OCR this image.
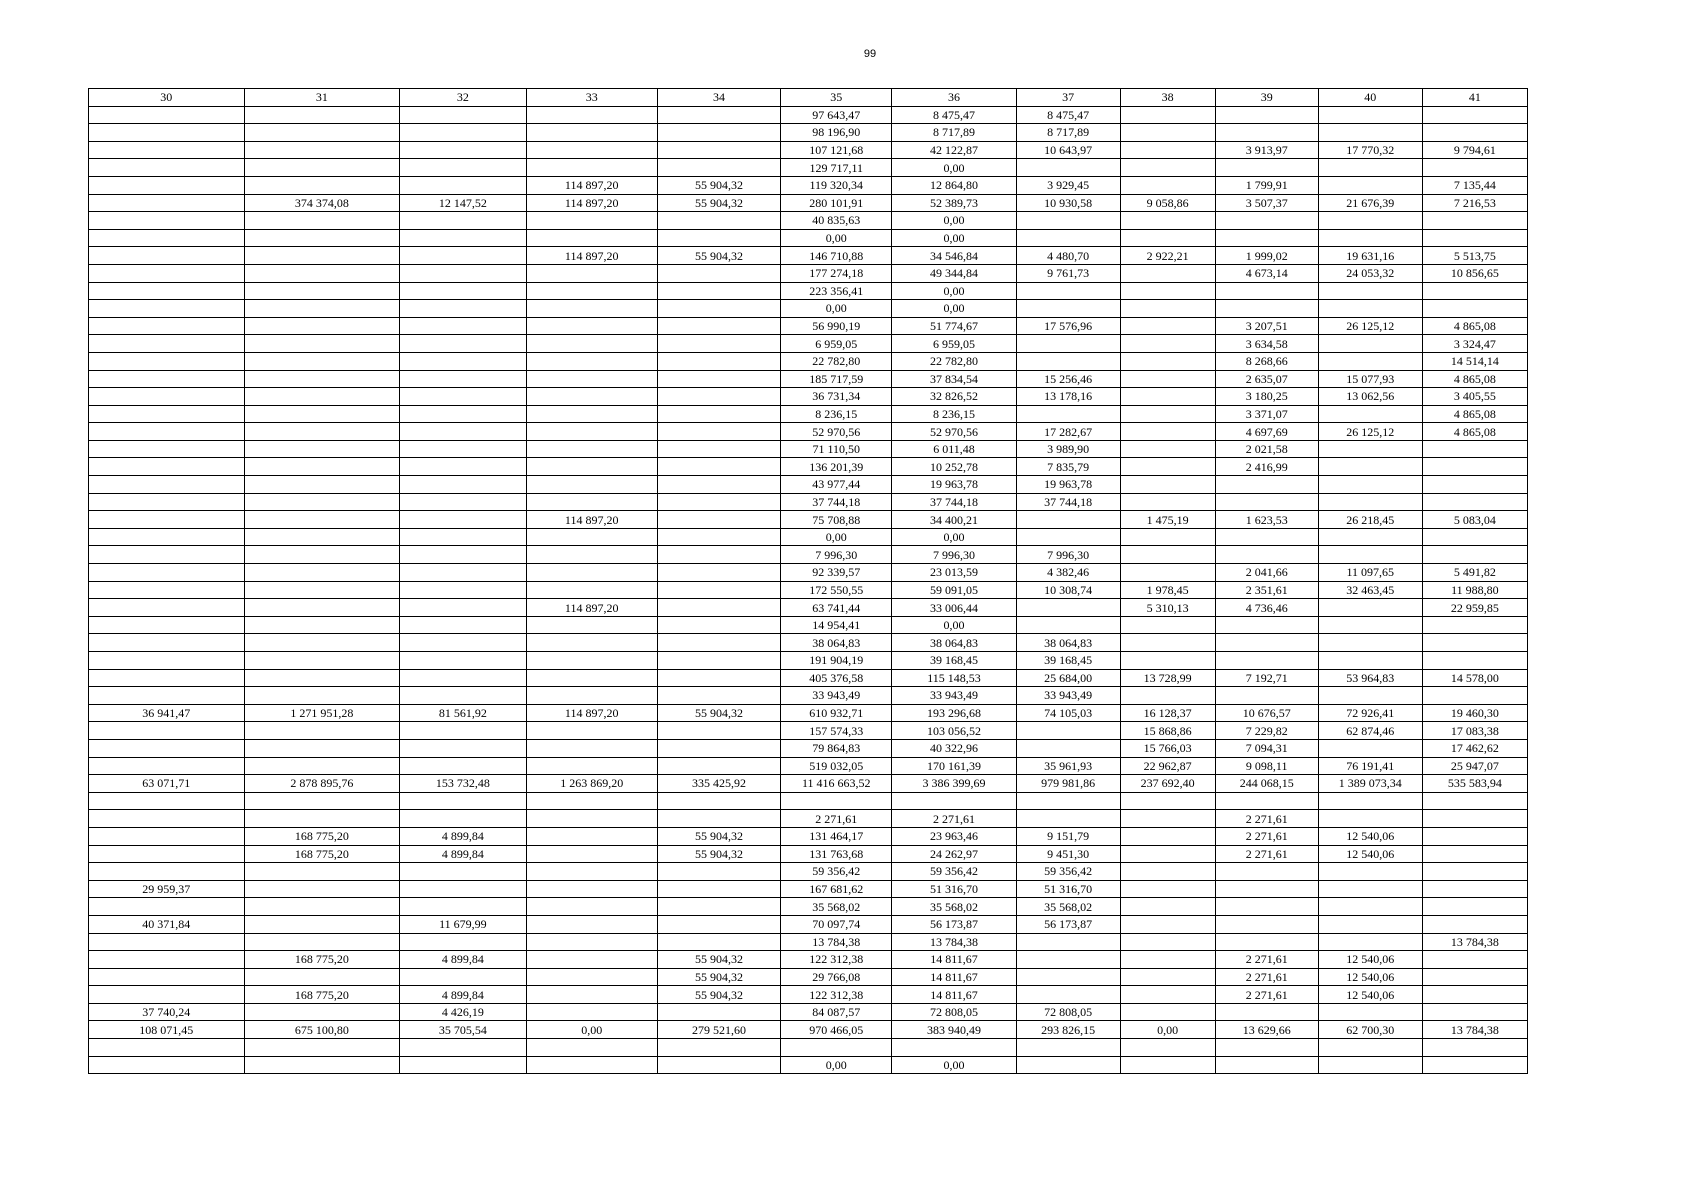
99
30	31	32	33	34	35	36	37	38	39	40	41
					97 643,47	8 475,47	8 475,47				
					98 196,90	8 717,89	8 717,89				
					107 121,68	42 122,87	10 643,97		3 913,97	17 770,32	9 794,61
					129 717,11	0,00					
			114 897,20	55 904,32	119 320,34	12 864,80	3 929,45		1 799,91		7 135,44
	374 374,08	12 147,52	114 897,20	55 904,32	280 101,91	52 389,73	10 930,58	9 058,86	3 507,37	21 676,39	7 216,53
					40 835,63	0,00					
					0,00	0,00					
			114 897,20	55 904,32	146 710,88	34 546,84	4 480,70	2 922,21	1 999,02	19 631,16	5 513,75
					177 274,18	49 344,84	9 761,73		4 673,14	24 053,32	10 856,65
					223 356,41	0,00					
					0,00	0,00					
					56 990,19	51 774,67	17 576,96		3 207,51	26 125,12	4 865,08
					6 959,05	6 959,05			3 634,58		3 324,47
					22 782,80	22 782,80			8 268,66		14 514,14
					185 717,59	37 834,54	15 256,46		2 635,07	15 077,93	4 865,08
					36 731,34	32 826,52	13 178,16		3 180,25	13 062,56	3 405,55
					8 236,15	8 236,15			3 371,07		4 865,08
					52 970,56	52 970,56	17 282,67		4 697,69	26 125,12	4 865,08
					71 110,50	6 011,48	3 989,90		2 021,58		
					136 201,39	10 252,78	7 835,79		2 416,99		
					43 977,44	19 963,78	19 963,78				
					37 744,18	37 744,18	37 744,18				
			114 897,20		75 708,88	34 400,21		1 475,19	1 623,53	26 218,45	5 083,04
					0,00	0,00					
					7 996,30	7 996,30	7 996,30				
					92 339,57	23 013,59	4 382,46		2 041,66	11 097,65	5 491,82
					172 550,55	59 091,05	10 308,74	1 978,45	2 351,61	32 463,45	11 988,80
			114 897,20		63 741,44	33 006,44		5 310,13	4 736,46		22 959,85
					14 954,41	0,00					
					38 064,83	38 064,83	38 064,83				
					191 904,19	39 168,45	39 168,45				
					405 376,58	115 148,53	25 684,00	13 728,99	7 192,71	53 964,83	14 578,00
					33 943,49	33 943,49	33 943,49				
36 941,47	1 271 951,28	81 561,92	114 897,20	55 904,32	610 932,71	193 296,68	74 105,03	16 128,37	10 676,57	72 926,41	19 460,30
					157 574,33	103 056,52		15 868,86	7 229,82	62 874,46	17 083,38
					79 864,83	40 322,96		15 766,03	7 094,31		17 462,62
					519 032,05	170 161,39	35 961,93	22 962,87	9 098,11	76 191,41	25 947,07
63 071,71	2 878 895,76	153 732,48	1 263 869,20	335 425,92	11 416 663,52	3 386 399,69	979 981,86	237 692,40	244 068,15	1 389 073,34	535 583,94

					2 271,61	2 271,61			2 271,61		
	168 775,20	4 899,84		55 904,32	131 464,17	23 963,46	9 151,79		2 271,61	12 540,06	
	168 775,20	4 899,84		55 904,32	131 763,68	24 262,97	9 451,30		2 271,61	12 540,06	
					59 356,42	59 356,42	59 356,42				
29 959,37					167 681,62	51 316,70	51 316,70				
					35 568,02	35 568,02	35 568,02				
40 371,84		11 679,99			70 097,74	56 173,87	56 173,87				
					13 784,38	13 784,38					13 784,38
	168 775,20	4 899,84		55 904,32	122 312,38	14 811,67			2 271,61	12 540,06	
				55 904,32	29 766,08	14 811,67			2 271,61	12 540,06	
	168 775,20	4 899,84		55 904,32	122 312,38	14 811,67			2 271,61	12 540,06	
37 740,24		4 426,19			84 087,57	72 808,05	72 808,05				
108 071,45	675 100,80	35 705,54	0,00	279 521,60	970 466,05	383 940,49	293 826,15	0,00	13 629,66	62 700,30	13 784,38

					0,00	0,00					
